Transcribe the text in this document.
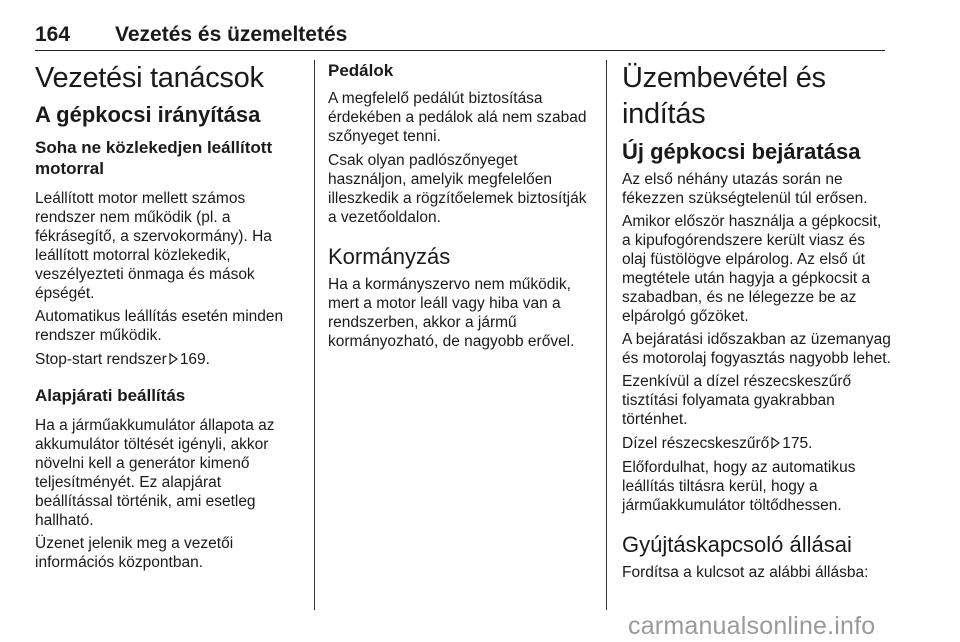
164 Vezetés és üzemeltetés
Vezetési tanácsok
A gépkocsi irányítása
Soha ne közlekedjen leállított motorral

Leállított motor mellett számos rendszer nem működik (pl. a fékrásegítő, a szervokormány). Ha leállított motorral közlekedik, veszélyezteti önmaga és mások épségét.

Automatikus leállítás esetén minden rendszer működik.

Stop-start rendszer 169.

Alapjárati beállítás

Ha a járműakkumulátor állapota az akkumulátor töltését igényli, akkor növelni kell a generátor kimenő teljesítményét. Ez alapjárat beállítással történik, ami esetleg hallható.

Üzenet jelenik meg a vezetői információs központban.

Pedálok

A megfelelő pedálút biztosítása érdekében a pedálok alá nem szabad szőnyeget tenni.

Csak olyan padlószőnyeget használjon, amelyik megfelelően illeszkedik a rögzítőelemek biztosítják a vezetőoldalon.

Kormányzás

Ha a kormányszervo nem működik, mert a motor leáll vagy hiba van a rendszerben, akkor a jármű kormányozható, de nagyobb erővel.

Üzembevétel és indítás
Új gépkocsi bejáratása

Az első néhány utazás során ne fékezzen szükségtelenül túl erősen.

Amikor először használja a gépkocsit, a kipufogórendszere került viasz és olaj füstölögve elpárolog. Az első út megtétele után hagyja a gépkocsit a szabadban, és ne lélegezze be az elpárolgó gőzöket.

A bejáratási időszakban az üzemanyag és motorolaj fogyasztás nagyobb lehet.

Ezenkívül a dízel részecskeszűrő tisztítási folyamata gyakrabban történhet.

Dízel részecskeszűrő 175.

Előfordulhat, hogy az automatikus leállítás tiltásra kerül, hogy a járműakkumulátor töltődhessen.

Gyújtáskapcsoló állásai

Fordítsa a kulcsot az alábbi állásba:

carmanualsonline.info
